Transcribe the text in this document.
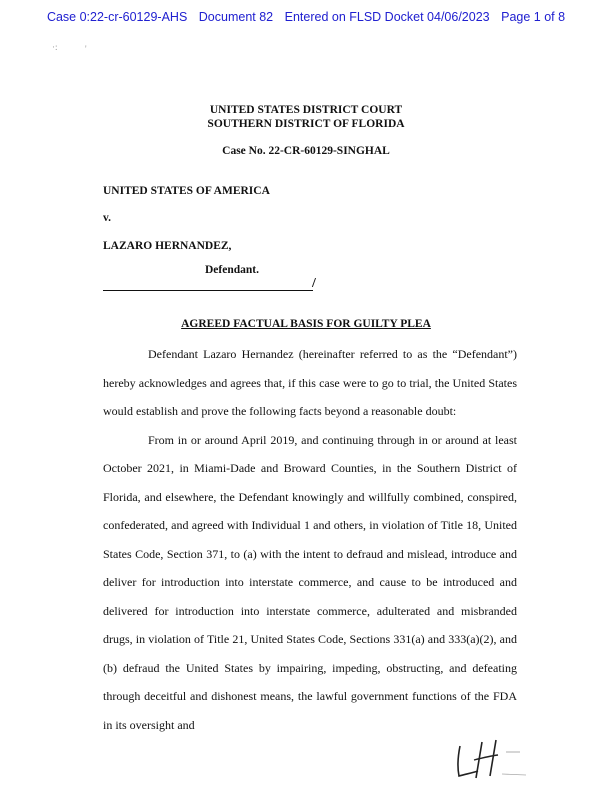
Case 0:22-cr-60129-AHS Document 82 Entered on FLSD Docket 04/06/2023 Page 1 of 8
·:	'
UNITED STATES DISTRICT COURT
SOUTHERN DISTRICT OF FLORIDA
Case No. 22-CR-60129-SINGHAL
UNITED STATES OF AMERICA
v.
LAZARO HERNANDEZ,
Defendant.
/
AGREED FACTUAL BASIS FOR GUILTY PLEA

Defendant Lazaro Hernandez (hereinafter referred to as the “Defendant”) hereby acknowledges and agrees that, if this case were to go to trial, the United States would establish and prove the following facts beyond a reasonable doubt:

From in or around April 2019, and continuing through in or around at least October 2021, in Miami-Dade and Broward Counties, in the Southern District of Florida, and elsewhere, the Defendant knowingly and willfully combined, conspired, confederated, and agreed with Individual 1 and others, in violation of Title 18, United States Code, Section 371, to (a) with the intent to defraud and mislead, introduce and deliver for introduction into interstate commerce, and cause to be introduced and delivered for introduction into interstate commerce, adulterated and misbranded drugs, in violation of Title 21, United States Code, Sections 331(a) and 333(a)(2), and (b) defraud the United States by impairing, impeding, obstructing, and defeating through deceitful and dishonest means, the lawful government functions of the FDA in its oversight and
